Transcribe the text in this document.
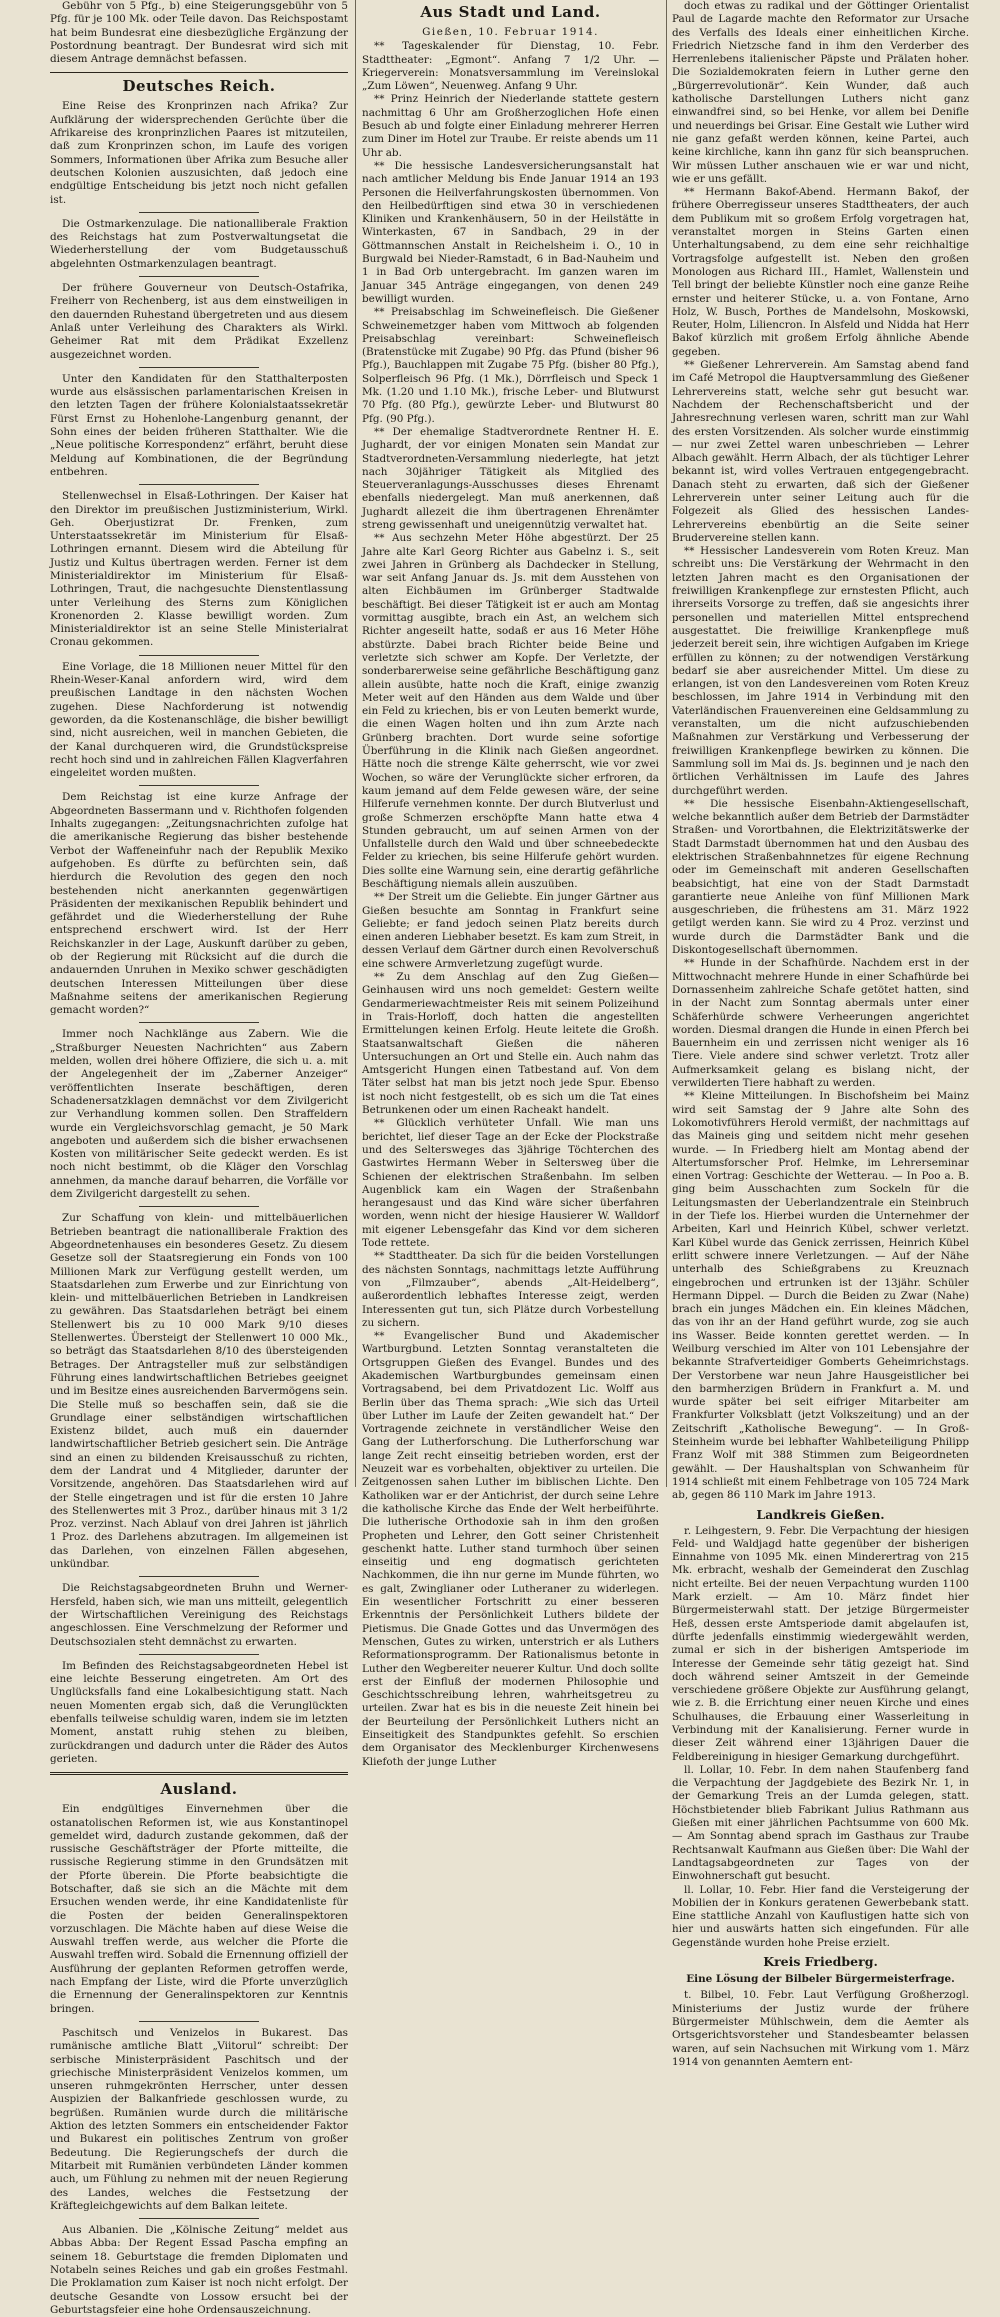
Gebühr von 5 Pfg., b) eine Steigerungsgebühr von 5 Pfg. für je 100 Mk. oder Teile davon. Das Reichspostamt hat beim Bundesrat eine diesbezügliche Ergänzung der Postordnung beantragt. Der Bundesrat wird sich mit diesem Antrage demnächst befassen.

Deutsches Reich.

Eine Reise des Kronprinzen nach Afrika? Zur Aufklärung der widersprechenden Gerüchte über die Afrikareise des kronprinzlichen Paares ist mitzuteilen, daß zum Kronprinzen schon, im Laufe des vorigen Sommers, Informationen über Afrika zum Besuche aller deutschen Kolonien auszusichten, daß jedoch eine endgültige Entscheidung bis jetzt noch nicht gefallen ist.

Die Ostmarkenzulage. Die nationalliberale Fraktion des Reichstags hat zum Postverwaltungsetat die Wiederherstellung der vom Budgetausschuß abgelehnten Ostmarkenzulagen beantragt.

Der frühere Gouverneur von Deutsch-Ostafrika, Freiherr von Rechenberg, ist aus dem einstweiligen in den dauernden Ruhestand übergetreten und aus diesem Anlaß unter Verleihung des Charakters als Wirkl. Geheimer Rat mit dem Prädikat Exzellenz ausgezeichnet worden.

Unter den Kandidaten für den Statthalterposten wurde aus elsässischen parlamentarischen Kreisen in den letzten Tagen der frühere Kolonialstaatssekretär Fürst Ernst zu Hohenlohe-Langenburg genannt, der Sohn eines der beiden früheren Statthalter. Wie die „Neue politische Korrespondenz“ erfährt, beruht diese Meldung auf Kombinationen, die der Begründung entbehren.

Stellenwechsel in Elsaß-Lothringen. Der Kaiser hat den Direktor im preußischen Justizministerium, Wirkl. Geh. Oberjustizrat Dr. Frenken, zum Unterstaatssekretär im Ministerium für Elsaß-Lothringen ernannt. Diesem wird die Abteilung für Justiz und Kultus übertragen werden. Ferner ist dem Ministerialdirektor im Ministerium für Elsaß-Lothringen, Traut, die nachgesuchte Dienstentlassung unter Verleihung des Sterns zum Königlichen Kronenorden 2. Klasse bewilligt worden. Zum Ministerialdirektor ist an seine Stelle Ministerialrat Cronau gekommen.

Eine Vorlage, die 18 Millionen neuer Mittel für den Rhein-Weser-Kanal anfordern wird, wird dem preußischen Landtage in den nächsten Wochen zugehen. Diese Nachforderung ist notwendig geworden, da die Kostenanschläge, die bisher bewilligt sind, nicht ausreichen, weil in manchen Gebieten, die der Kanal durchqueren wird, die Grundstückspreise recht hoch sind und in zahlreichen Fällen Klagverfahren eingeleitet worden mußten.

Dem Reichstag ist eine kurze Anfrage der Abgeordneten Bassermann und v. Richthofen folgenden Inhalts zugegangen: „Zeitungsnachrichten zufolge hat die amerikanische Regierung das bisher bestehende Verbot der Waffeneinfuhr nach der Republik Mexiko aufgehoben. Es dürfte zu befürchten sein, daß hierdurch die Revolution des gegen den noch bestehenden nicht anerkannten gegenwärtigen Präsidenten der mexikanischen Republik behindert und gefährdet und die Wiederherstellung der Ruhe entsprechend erschwert wird. Ist der Herr Reichskanzler in der Lage, Auskunft darüber zu geben, ob der Regierung mit Rücksicht auf die durch die andauernden Unruhen in Mexiko schwer geschädigten deutschen Interessen Mitteilungen über diese Maßnahme seitens der amerikanischen Regierung gemacht worden?“

Immer noch Nachklänge aus Zabern. Wie die „Straßburger Neuesten Nachrichten“ aus Zabern melden, wollen drei höhere Offiziere, die sich u. a. mit der Angelegenheit der im „Zaberner Anzeiger“ veröffentlichten Inserate beschäftigen, deren Schadenersatzklagen demnächst vor dem Zivilgericht zur Verhandlung kommen sollen. Den Straffeldern wurde ein Vergleichsvorschlag gemacht, je 50 Mark angeboten und außerdem sich die bisher erwachsenen Kosten von militärischer Seite gedeckt werden. Es ist noch nicht bestimmt, ob die Kläger den Vorschlag annehmen, da manche darauf beharren, die Vorfälle vor dem Zivilgericht dargestellt zu sehen.

Zur Schaffung von klein- und mittelbäuerlichen Betrieben beantragt die nationalliberale Fraktion des Abgeordnetenhauses ein besonderes Gesetz. Zu diesem Gesetze soll der Staatsregierung ein Fonds von 100 Millionen Mark zur Verfügung gestellt werden, um Staatsdarlehen zum Erwerbe und zur Einrichtung von klein- und mittelbäuerlichen Betrieben in Landkreisen zu gewähren. Das Staatsdarlehen beträgt bei einem Stellenwert bis zu 10 000 Mark 9/10 dieses Stellenwertes. Übersteigt der Stellenwert 10 000 Mk., so beträgt das Staatsdarlehen 8/10 des übersteigenden Betrages. Der Antragsteller muß zur selbständigen Führung eines landwirtschaftlichen Betriebes geeignet und im Besitze eines ausreichenden Barvermögens sein. Die Stelle muß so beschaffen sein, daß sie die Grundlage einer selbständigen wirtschaftlichen Existenz bildet, auch muß ein dauernder landwirtschaftlicher Betrieb gesichert sein. Die Anträge sind an einen zu bildenden Kreisausschuß zu richten, dem der Landrat und 4 Mitglieder, darunter der Vorsitzende, angehören. Das Staatsdarlehen wird auf der Stelle eingetragen und ist für die ersten 10 Jahre des Stellenwertes mit 3 Proz., darüber hinaus mit 3 1/2 Proz. verzinst. Nach Ablauf von drei Jahren ist jährlich 1 Proz. des Darlehens abzutragen. Im allgemeinen ist das Darlehen, von einzelnen Fällen abgesehen, unkündbar.

Die Reichstagsabgeordneten Bruhn und Werner-Hersfeld, haben sich, wie man uns mitteilt, gelegentlich der Wirtschaftlichen Vereinigung des Reichstags angeschlossen. Eine Verschmelzung der Reformer und Deutschsozialen steht demnächst zu erwarten.

Im Befinden des Reichstagsabgeordneten Hebel ist eine leichte Besserung eingetreten. Am Ort des Unglücksfalls fand eine Lokalbesichtigung statt. Nach neuen Momenten ergab sich, daß die Verunglückten ebenfalls teilweise schuldig waren, indem sie im letzten Moment, anstatt ruhig stehen zu bleiben, zurückdrangen und dadurch unter die Räder des Autos gerieten.

Ausland.

Ein endgültiges Einvernehmen über die ostanatolischen Reformen ist, wie aus Konstantinopel gemeldet wird, dadurch zustande gekommen, daß der russische Geschäftsträger der Pforte mitteilte, die russische Regierung stimme in den Grundsätzen mit der Pforte überein. Die Pforte beabsichtigte die Botschafter, daß sie sich an die Mächte mit dem Ersuchen wenden werde, ihr eine Kandidatenliste für die Posten der beiden Generalinspektoren vorzuschlagen. Die Mächte haben auf diese Weise die Auswahl treffen werde, aus welcher die Pforte die Auswahl treffen wird. Sobald die Ernennung offiziell der Ausführung der geplanten Reformen getroffen werde, nach Empfang der Liste, wird die Pforte unverzüglich die Ernennung der Generalinspektoren zur Kenntnis bringen.

Paschitsch und Venizelos in Bukarest. Das rumänische amtliche Blatt „Viitorul“ schreibt: Der serbische Ministerpräsident Paschitsch und der griechische Ministerpräsident Venizelos kommen, um unseren ruhmgekrönten Herrscher, unter dessen Auspizien der Balkanfriede geschlossen wurde, zu begrüßen. Rumänien wurde durch die militärische Aktion des letzten Sommers ein entscheidender Faktor und Bukarest ein politisches Zentrum von großer Bedeutung. Die Regierungschefs der durch die Mitarbeit mit Rumänien verbündeten Länder kommen auch, um Fühlung zu nehmen mit der neuen Regierung des Landes, welches die Festsetzung der Kräftegleichgewichts auf dem Balkan leitete.

Aus Albanien. Die „Kölnische Zeitung“ meldet aus Abbas Abba: Der Regent Essad Pascha empfing an seinem 18. Geburtstage die fremden Diplomaten und Notabeln seines Reiches und gab ein großes Festmahl. Die Proklamation zum Kaiser ist noch nicht erfolgt. Der deutsche Gesandte von Lossow ersucht bei der Geburtstagsfeier eine hohe Ordensauszeichnung.

Aus Stadt und Land.
Gießen, 10. Februar 1914.

** Tageskalender für Dienstag, 10. Febr. Stadttheater: „Egmont“. Anfang 7 1/2 Uhr. — Kriegerverein: Monatsversammlung im Vereinslokal „Zum Löwen“, Neuenweg. Anfang 9 Uhr.

** Prinz Heinrich der Niederlande stattete gestern nachmittag 6 Uhr am Großherzoglichen Hofe einen Besuch ab und folgte einer Einladung mehrerer Herren zum Diner im Hotel zur Traube. Er reiste abends um 11 Uhr ab.

** Die hessische Landesversicherungsanstalt hat nach amtlicher Meldung bis Ende Januar 1914 an 193 Personen die Heilverfahrungskosten übernommen. Von den Heilbedürftigen sind etwa 30 in verschiedenen Kliniken und Krankenhäusern, 50 in der Heilstätte in Winterkasten, 67 in Sandbach, 29 in der Göttmannschen Anstalt in Reichelsheim i. O., 10 in Burgwald bei Nieder-Ramstadt, 6 in Bad-Nauheim und 1 in Bad Orb untergebracht. Im ganzen waren im Januar 345 Anträge eingegangen, von denen 249 bewilligt wurden.

** Preisabschlag im Schweinefleisch. Die Gießener Schweinemetzger haben vom Mittwoch ab folgenden Preisabschlag vereinbart: Schweinefleisch (Bratenstücke mit Zugabe) 90 Pfg. das Pfund (bisher 96 Pfg.), Bauchlappen mit Zugabe 75 Pfg. (bisher 80 Pfg.), Solperfleisch 96 Pfg. (1 Mk.), Dörrfleisch und Speck 1 Mk. (1.20 und 1.10 Mk.), frische Leber- und Blutwurst 70 Pfg. (80 Pfg.), gewürzte Leber- und Blutwurst 80 Pfg. (90 Pfg.).

** Der ehemalige Stadtverordnete Rentner H. E. Jughardt, der vor einigen Monaten sein Mandat zur Stadtverordneten-Versammlung niederlegte, hat jetzt nach 30jähriger Tätigkeit als Mitglied des Steuerveranlagungs-Ausschusses dieses Ehrenamt ebenfalls niedergelegt. Man muß anerkennen, daß Jughardt allezeit die ihm übertragenen Ehrenämter streng gewissenhaft und uneigennützig verwaltet hat.

** Aus sechzehn Meter Höhe abgestürzt. Der 25 Jahre alte Karl Georg Richter aus Gabelnz i. S., seit zwei Jahren in Grünberg als Dachdecker in Stellung, war seit Anfang Januar ds. Js. mit dem Ausstehen von alten Eichbäumen im Grünberger Stadtwalde beschäftigt. Bei dieser Tätigkeit ist er auch am Montag vormittag ausgibte, brach ein Ast, an welchem sich Richter angeseilt hatte, sodaß er aus 16 Meter Höhe abstürzte. Dabei brach Richter beide Beine und verletzte sich schwer am Kopfe. Der Verletzte, der sonderbarerweise seine gefährliche Beschäftigung ganz allein ausübte, hatte noch die Kraft, einige zwanzig Meter weit auf den Händen aus dem Walde und über ein Feld zu kriechen, bis er von Leuten bemerkt wurde, die einen Wagen holten und ihn zum Arzte nach Grünberg brachten. Dort wurde seine sofortige Überführung in die Klinik nach Gießen angeordnet. Hätte noch die strenge Kälte geherrscht, wie vor zwei Wochen, so wäre der Verunglückte sicher erfroren, da kaum jemand auf dem Felde gewesen wäre, der seine Hilferufe vernehmen konnte. Der durch Blutverlust und große Schmerzen erschöpfte Mann hatte etwa 4 Stunden gebraucht, um auf seinen Armen von der Unfallstelle durch den Wald und über schneebedeckte Felder zu kriechen, bis seine Hilferufe gehört wurden. Dies sollte eine Warnung sein, eine derartig gefährliche Beschäftigung niemals allein auszuüben.

** Der Streit um die Geliebte. Ein junger Gärtner aus Gießen besuchte am Sonntag in Frankfurt seine Geliebte; er fand jedoch seinen Platz bereits durch einen anderen Liebhaber besetzt. Es kam zum Streit, in dessen Verlauf dem Gärtner durch einen Revolverschuß eine schwere Armverletzung zugefügt wurde.

** Zu dem Anschlag auf den Zug Gießen—Geinhausen wird uns noch gemeldet: Gestern weilte Gendarmeriewachtmeister Reis mit seinem Polizeihund in Trais-Horloff, doch hatten die angestellten Ermittelungen keinen Erfolg. Heute leitete die Großh. Staatsanwaltschaft Gießen die näheren Untersuchungen an Ort und Stelle ein. Auch nahm das Amtsgericht Hungen einen Tatbestand auf. Von dem Täter selbst hat man bis jetzt noch jede Spur. Ebenso ist noch nicht festgestellt, ob es sich um die Tat eines Betrunkenen oder um einen Racheakt handelt.

** Glücklich verhüteter Unfall. Wie man uns berichtet, lief dieser Tage an der Ecke der Plockstraße und des Seltersweges das 3jährige Töchterchen des Gastwirtes Hermann Weber in Seltersweg über die Schienen der elektrischen Straßenbahn. Im selben Augenblick kam ein Wagen der Straßenbahn herangesaust und das Kind wäre sicher überfahren worden, wenn nicht der hiesige Hausierer W. Walldorf mit eigener Lebensgefahr das Kind vor dem sicheren Tode rettete.

** Stadttheater. Da sich für die beiden Vorstellungen des nächsten Sonntags, nachmittags letzte Aufführung von „Filmzauber“, abends „Alt-Heidelberg“, außerordentlich lebhaftes Interesse zeigt, werden Interessenten gut tun, sich Plätze durch Vorbestellung zu sichern.

** Evangelischer Bund und Akademischer Wartburgbund. Letzten Sonntag veranstalteten die Ortsgruppen Gießen des Evangel. Bundes und des Akademischen Wartburgbundes gemeinsam einen Vortragsabend, bei dem Privatdozent Lic. Wolff aus Berlin über das Thema sprach: „Wie sich das Urteil über Luther im Laufe der Zeiten gewandelt hat.“ Der Vortragende zeichnete in verständlicher Weise den Gang der Lutherforschung. Die Lutherforschung war lange Zeit recht einseitig betrieben worden, erst der Neuzeit war es vorbehalten, objektiver zu urteilen. Die Zeitgenossen sahen Luther im biblischen Lichte. Den Katholiken war er der Antichrist, der durch seine Lehre die katholische Kirche das Ende der Welt herbeiführte. Die lutherische Orthodoxie sah in ihm den großen Propheten und Lehrer, den Gott seiner Christenheit geschenkt hatte. Luther stand turmhoch über seinen einseitig und eng dogmatisch gerichteten Nachkommen, die ihn nur gerne im Munde führten, wo es galt, Zwinglianer oder Lutheraner zu widerlegen. Ein wesentlicher Fortschritt zu einer besseren Erkenntnis der Persönlichkeit Luthers bildete der Pietismus. Die Gnade Gottes und das Unvermögen des Menschen, Gutes zu wirken, unterstrich er als Luthers Reformationsprogramm. Der Rationalismus betonte in Luther den Wegbereiter neuerer Kultur. Und doch sollte erst der Einfluß der modernen Philosophie und Geschichtsschreibung lehren, wahrheitsgetreu zu urteilen. Zwar hat es bis in die neueste Zeit hinein bei der Beurteilung der Persönlichkeit Luthers nicht an Einseitigkeit des Standpunktes gefehlt. So erschien dem Organisator des Mecklenburger Kirchenwesens Kliefoth der junge Luther

doch etwas zu radikal und der Göttinger Orientalist Paul de Lagarde machte den Reformator zur Ursache des Verfalls des Ideals einer einheitlichen Kirche. Friedrich Nietzsche fand in ihm den Verderber des Herrenlebens italienischer Päpste und Prälaten hoher. Die Sozialdemokraten feiern in Luther gerne den „Bürgerrevolutionär“. Kein Wunder, daß auch katholische Darstellungen Luthers nicht ganz einwandfrei sind, so bei Henke, vor allem bei Denifle und neuerdings bei Grisar. Eine Gestalt wie Luther wird nie ganz gefaßt werden können, keine Partei, auch keine kirchliche, kann ihn ganz für sich beanspruchen. Wir müssen Luther anschauen wie er war und nicht, wie er uns gefällt.

** Hermann Bakof-Abend. Hermann Bakof, der frühere Oberregisseur unseres Stadttheaters, der auch dem Publikum mit so großem Erfolg vorgetragen hat, veranstaltet morgen in Steins Garten einen Unterhaltungsabend, zu dem eine sehr reichhaltige Vortragsfolge aufgestellt ist. Neben den großen Monologen aus Richard III., Hamlet, Wallenstein und Tell bringt der beliebte Künstler noch eine ganze Reihe ernster und heiterer Stücke, u. a. von Fontane, Arno Holz, W. Busch, Porthes de Mandelsohn, Moskowski, Reuter, Holm, Liliencron. In Alsfeld und Nidda hat Herr Bakof kürzlich mit großem Erfolg ähnliche Abende gegeben.

** Gießener Lehrerverein. Am Samstag abend fand im Café Metropol die Hauptversammlung des Gießener Lehrervereins statt, welche sehr gut besucht war. Nachdem der Rechenschaftsbericht und der Jahresrechnung verlesen waren, schritt man zur Wahl des ersten Vorsitzenden. Als solcher wurde einstimmig — nur zwei Zettel waren unbeschrieben — Lehrer Albach gewählt. Herrn Albach, der als tüchtiger Lehrer bekannt ist, wird volles Vertrauen entgegengebracht. Danach steht zu erwarten, daß sich der Gießener Lehrerverein unter seiner Leitung auch für die Folgezeit als Glied des hessischen Landes-Lehrervereins ebenbürtig an die Seite seiner Brudervereine stellen kann.

** Hessischer Landesverein vom Roten Kreuz. Man schreibt uns: Die Verstärkung der Wehrmacht in den letzten Jahren macht es den Organisationen der freiwilligen Krankenpflege zur ernstesten Pflicht, auch ihrerseits Vorsorge zu treffen, daß sie angesichts ihrer personellen und materiellen Mittel entsprechend ausgestattet. Die freiwillige Krankenpflege muß jederzeit bereit sein, ihre wichtigen Aufgaben im Kriege erfüllen zu können; zu der notwendigen Verstärkung bedarf sie aber ausreichender Mittel. Um diese zu erlangen, ist von den Landesvereinen vom Roten Kreuz beschlossen, im Jahre 1914 in Verbindung mit den Vaterländischen Frauenvereinen eine Geldsammlung zu veranstalten, um die nicht aufzuschiebenden Maßnahmen zur Verstärkung und Verbesserung der freiwilligen Krankenpflege bewirken zu können. Die Sammlung soll im Mai ds. Js. beginnen und je nach den örtlichen Verhältnissen im Laufe des Jahres durchgeführt werden.

** Die hessische Eisenbahn-Aktiengesellschaft, welche bekanntlich außer dem Betrieb der Darmstädter Straßen- und Vorortbahnen, die Elektrizitätswerke der Stadt Darmstadt übernommen hat und den Ausbau des elektrischen Straßenbahnnetzes für eigene Rechnung oder im Gemeinschaft mit anderen Gesellschaften beabsichtigt, hat eine von der Stadt Darmstadt garantierte neue Anleihe von fünf Millionen Mark ausgeschrieben, die frühestens am 31. März 1922 getilgt werden kann. Sie wird zu 4 Proz. verzinst und wurde durch die Darmstädter Bank und die Diskontogesellschaft übernommen.

** Hunde in der Schafhürde. Nachdem erst in der Mittwochnacht mehrere Hunde in einer Schafhürde bei Dornassenheim zahlreiche Schafe getötet hatten, sind in der Nacht zum Sonntag abermals unter einer Schäferhürde schwere Verheerungen angerichtet worden. Diesmal drangen die Hunde in einen Pferch bei Bauernheim ein und zerrissen nicht weniger als 16 Tiere. Viele andere sind schwer verletzt. Trotz aller Aufmerksamkeit gelang es bislang nicht, der verwilderten Tiere habhaft zu werden.

** Kleine Mitteilungen. In Bischofsheim bei Mainz wird seit Samstag der 9 Jahre alte Sohn des Lokomotivführers Herold vermißt, der nachmittags auf das Maineis ging und seitdem nicht mehr gesehen wurde. — In Friedberg hielt am Montag abend der Altertumsforscher Prof. Helmke, im Lehrerseminar einen Vortrag: Geschichte der Wetterau. — In Poo a. B. ging beim Ausschachten zum Sockeln für die Leitungsmasten der Ueberlandzentrale ein Steinbruch in der Tiefe los. Hierbei wurden die Unternehmer der Arbeiten, Karl und Heinrich Kübel, schwer verletzt. Karl Kübel wurde das Genick zerrissen, Heinrich Kübel erlitt schwere innere Verletzungen. — Auf der Nähe unterhalb des Schießgrabens zu Kreuznach eingebrochen und ertrunken ist der 13jähr. Schüler Hermann Dippel. — Durch die Beiden zu Zwar (Nahe) brach ein junges Mädchen ein. Ein kleines Mädchen, das von ihr an der Hand geführt wurde, zog sie auch ins Wasser. Beide konnten gerettet werden. — In Weilburg verschied im Alter von 101 Lebensjahre der bekannte Strafverteidiger Gomberts Geheimrichstags. Der Verstorbene war neun Jahre Hausgeistlicher bei den barmherzigen Brüdern in Frankfurt a. M. und wurde später bei seit eifriger Mitarbeiter am Frankfurter Volksblatt (jetzt Volkszeitung) und an der Zeitschrift „Katholische Bewegung“. — In Groß-Steinheim wurde bei lebhafter Wahlbeteiligung Philipp Franz Wolf mit 388 Stimmen zum Beigeordneten gewählt. — Der Haushaltsplan von Schwanheim für 1914 schließt mit einem Fehlbetrage von 105 724 Mark ab, gegen 86 110 Mark im Jahre 1913.

Landkreis Gießen.

r. Leihgestern, 9. Febr. Die Verpachtung der hiesigen Feld- und Waldjagd hatte gegenüber der bisherigen Einnahme von 1095 Mk. einen Minderertrag von 215 Mk. erbracht, weshalb der Gemeinderat den Zuschlag nicht erteilte. Bei der neuen Verpachtung wurden 1100 Mark erzielt. — Am 10. März findet hier Bürgermeisterwahl statt. Der jetzige Bürgermeister Heß, dessen erste Amtsperiode damit abgelaufen ist, dürfte jedenfalls einstimmig wiedergewählt werden, zumal er sich in der bisherigen Amtsperiode im Interesse der Gemeinde sehr tätig gezeigt hat. Sind doch während seiner Amtszeit in der Gemeinde verschiedene größere Objekte zur Ausführung gelangt, wie z. B. die Errichtung einer neuen Kirche und eines Schulhauses, die Erbauung einer Wasserleitung in Verbindung mit der Kanalisierung. Ferner wurde in dieser Zeit während einer 13jährigen Dauer die Feldbereinigung in hiesiger Gemarkung durchgeführt.

ll. Lollar, 10. Febr. In dem nahen Staufenberg fand die Verpachtung der Jagdgebiete des Bezirk Nr. 1, in der Gemarkung Treis an der Lumda gelegen, statt. Höchstbietender blieb Fabrikant Julius Rathmann aus Gießen mit einer jährlichen Pachtsumme von 600 Mk. — Am Sonntag abend sprach im Gasthaus zur Traube Rechtsanwalt Kaufmann aus Gießen über: Die Wahl der Landtagsabgeordneten zur Tages von der Einwohnerschaft gut besucht.

ll. Lollar, 10. Febr. Hier fand die Versteigerung der Mobilien der in Konkurs geratenen Gewerbebank statt. Eine stattliche Anzahl von Kauflustigen hatte sich von hier und auswärts hatten sich eingefunden. Für alle Gegenstände wurden hohe Preise erzielt.

Kreis Friedberg.
Eine Lösung der Bilbeler Bürgermeisterfrage.

t. Bilbel, 10. Febr. Laut Verfügung Großherzogl. Ministeriums der Justiz wurde der frühere Bürgermeister Mühlschwein, dem die Aemter als Ortsgerichtsvorsteher und Standesbeamter belassen waren, auf sein Nachsuchen mit Wirkung vom 1. März 1914 von genannten Aemtern ent-
